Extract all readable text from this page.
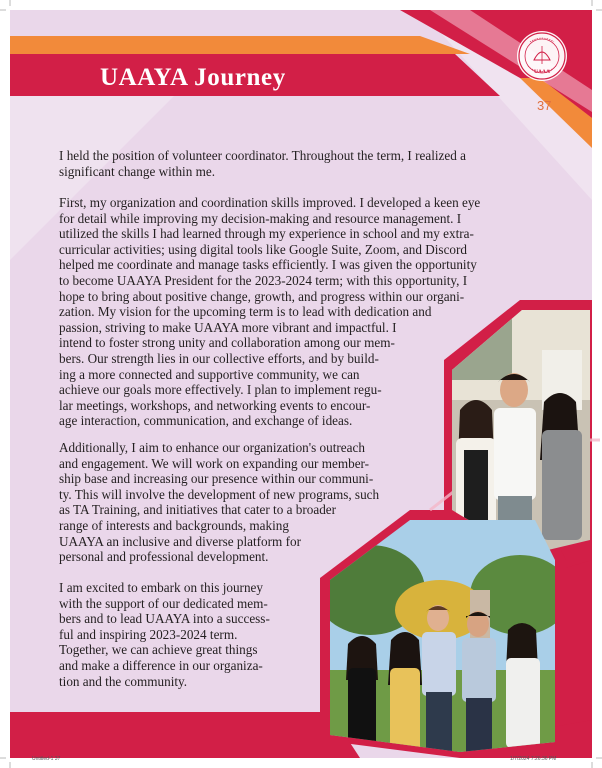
UAAA
UAAYA Journey
37
I held the position of volunteer coordinator. Throughout the term, I realized a
significant change within me.
First, my organization and coordination skills improved. I developed a keen eye
for detail while improving my decision-making and resource management. I
utilized the skills I had learned through my experience in school and my extra-
curricular activities; using digital tools like Google Suite, Zoom, and Discord
helped me coordinate and manage tasks efficiently. I was given the opportunity
to become UAAYA President for the 2023-2024 term; with this opportunity, I
hope to bring about positive change, growth, and progress within our organi-
zation. My vision for the upcoming term is to lead with dedication and
passion, striving to make UAAYA more vibrant and impactful. I
intend to foster strong unity and collaboration among our mem-
bers. Our strength lies in our collective efforts, and by build-
ing a more connected and supportive community, we can
achieve our goals more effectively. I plan to implement regu-
lar meetings, workshops, and networking events to encour-
age interaction, communication, and exchange of ideas.
Additionally, I aim to enhance our organization's outreach
and engagement. We will work on expanding our member-
ship base and increasing our presence within our communi-
ty. This will involve the development of new programs, such
as TA Training, and initiatives that cater to a broader
range of interests and backgrounds, making
UAAYA an inclusive and diverse platform for
personal and professional development.
I am excited to embark on this journey
with the support of our dedicated mem-
bers and to lead UAAYA into a success-
ful and inspiring 2023-2024 term.
Together, we can achieve great things
and make a difference in our organiza-
tion and the community.
Untitled-1 37	1/7/2024 7:26:36 PM
